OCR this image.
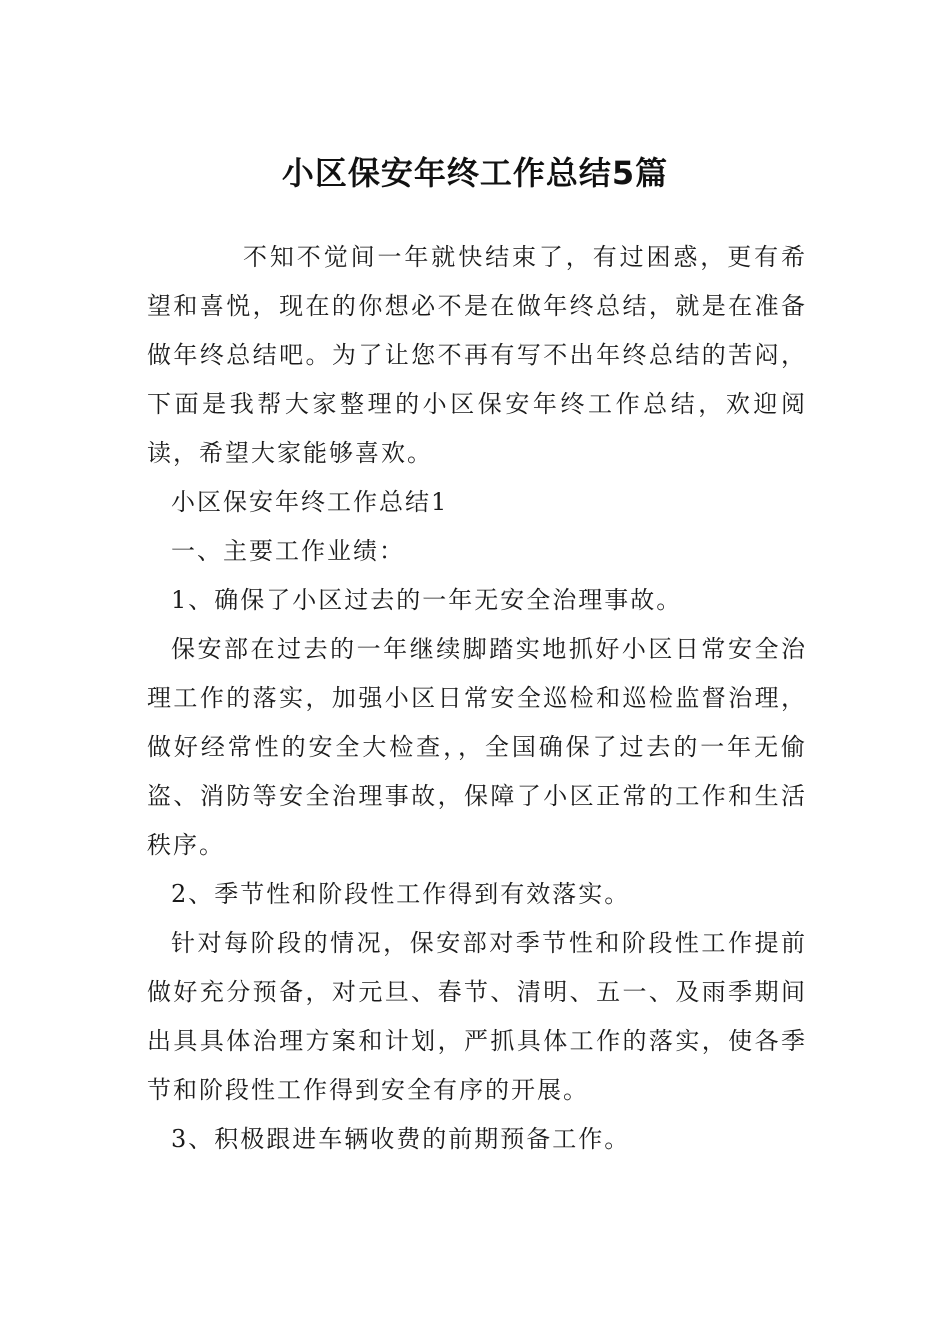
小区保安年终工作总结5篇

不知不觉间一年就快结束了，有过困惑，更有希望和喜悦，现在的你想必不是在做年终总结，就是在准备做年终总结吧。为了让您不再有写不出年终总结的苦闷，下面是我帮大家整理的小区保安年终工作总结，欢迎阅读，希望大家能够喜欢。

小区保安年终工作总结1

一、主要工作业绩：

1、确保了小区过去的一年无安全治理事故。

保安部在过去的一年继续脚踏实地抓好小区日常安全治理工作的落实，加强小区日常安全巡检和巡检监督治理，做好经常性的安全大检查，，全国确保了过去的一年无偷盗、消防等安全治理事故，保障了小区正常的工作和生活秩序。

2、季节性和阶段性工作得到有效落实。

针对每阶段的情况，保安部对季节性和阶段性工作提前做好充分预备，对元旦、春节、清明、五一、及雨季期间出具具体治理方案和计划，严抓具体工作的落实，使各季节和阶段性工作得到安全有序的开展。

3、积极跟进车辆收费的前期预备工作。
